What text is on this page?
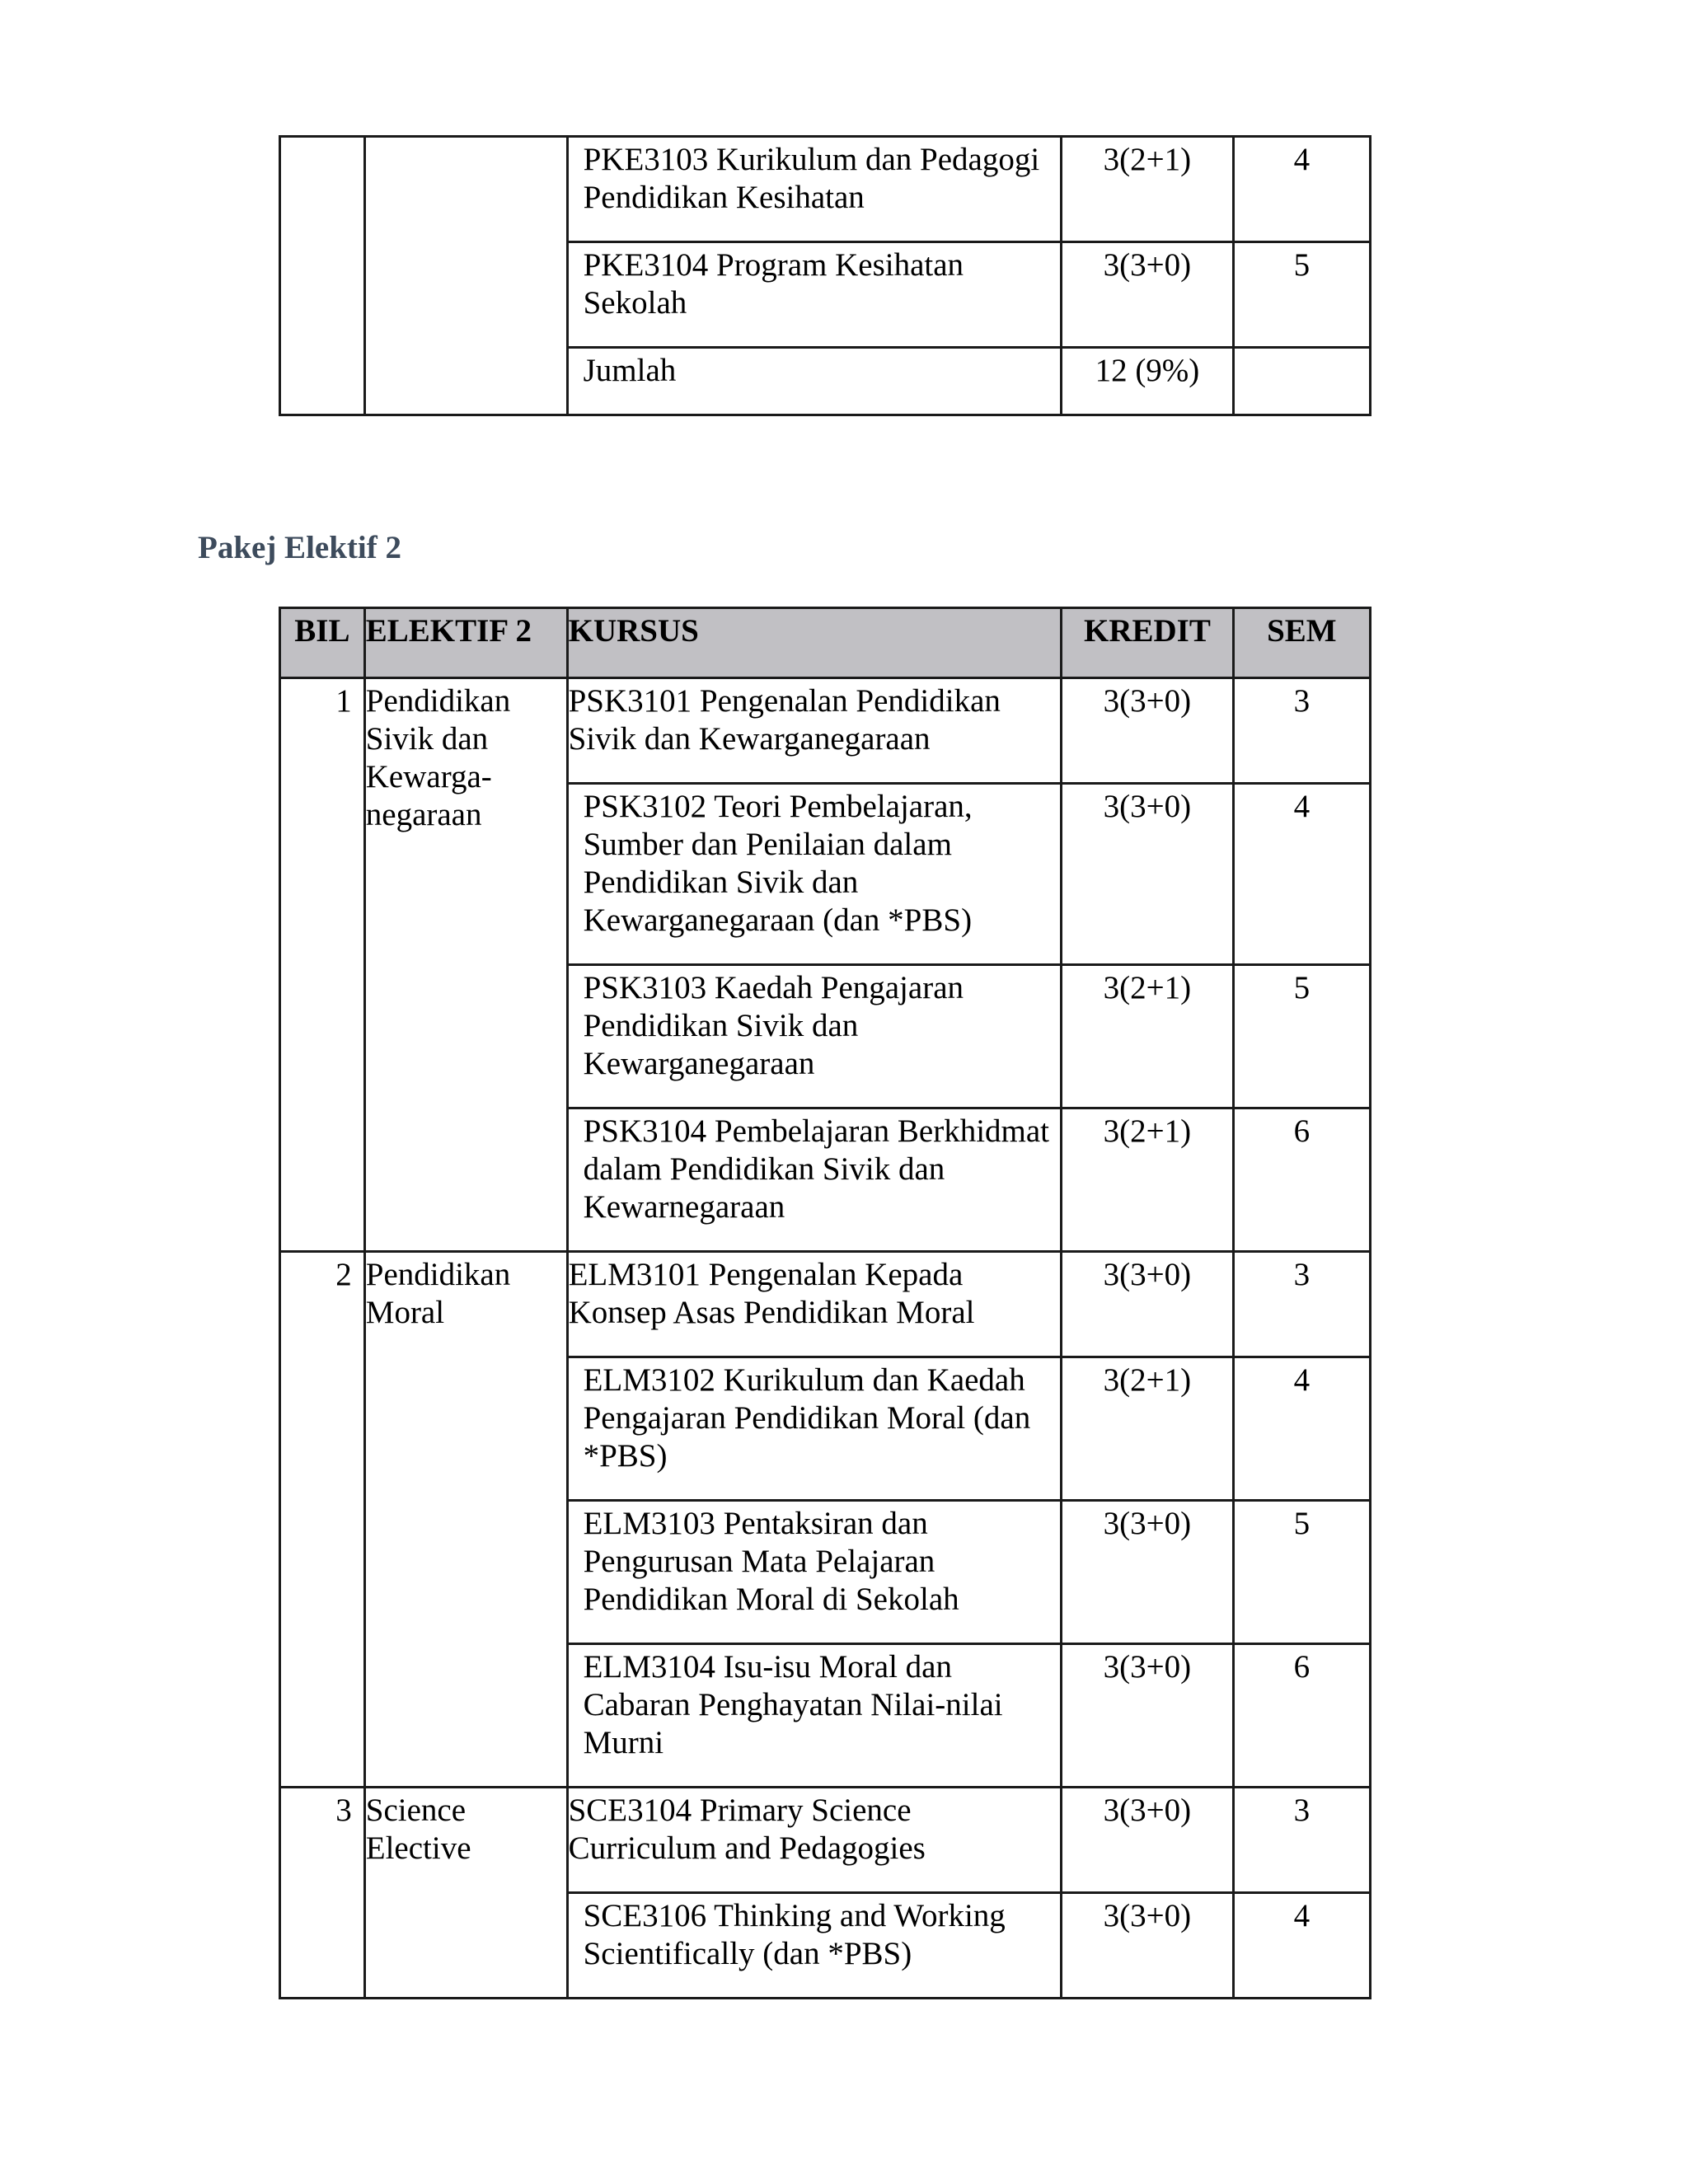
		PKE3103 Kurikulum dan Pedagogi Pendidikan Kesihatan	3(2+1)	4
		PKE3104 Program Kesihatan Sekolah	3(3+0)	5
		Jumlah	12 (9%)	
Pakej Elektif 2
BIL	ELEKTIF 2	KURSUS	KREDIT	SEM
1	Pendidikan Sivik dan Kewarga-negaraan	PSK3101 Pengenalan Pendidikan Sivik dan Kewarganegaraan	3(3+0)	3
		PSK3102 Teori Pembelajaran, Sumber dan Penilaian dalam Pendidikan Sivik dan Kewarganegaraan (dan *PBS)	3(3+0)	4
		PSK3103 Kaedah Pengajaran Pendidikan Sivik dan Kewarganegaraan	3(2+1)	5
		PSK3104 Pembelajaran Berkhidmat dalam Pendidikan Sivik dan Kewarnegaraan	3(2+1)	6
2	Pendidikan Moral	ELM3101 Pengenalan Kepada Konsep Asas Pendidikan Moral	3(3+0)	3
		ELM3102 Kurikulum dan Kaedah Pengajaran Pendidikan Moral (dan *PBS)	3(2+1)	4
		ELM3103 Pentaksiran dan Pengurusan Mata Pelajaran Pendidikan Moral di Sekolah	3(3+0)	5
		ELM3104 Isu-isu Moral dan Cabaran Penghayatan Nilai-nilai Murni	3(3+0)	6
3	Science Elective	SCE3104 Primary Science Curriculum and Pedagogies	3(3+0)	3
		SCE3106 Thinking and Working Scientifically (dan *PBS)	3(3+0)	4
